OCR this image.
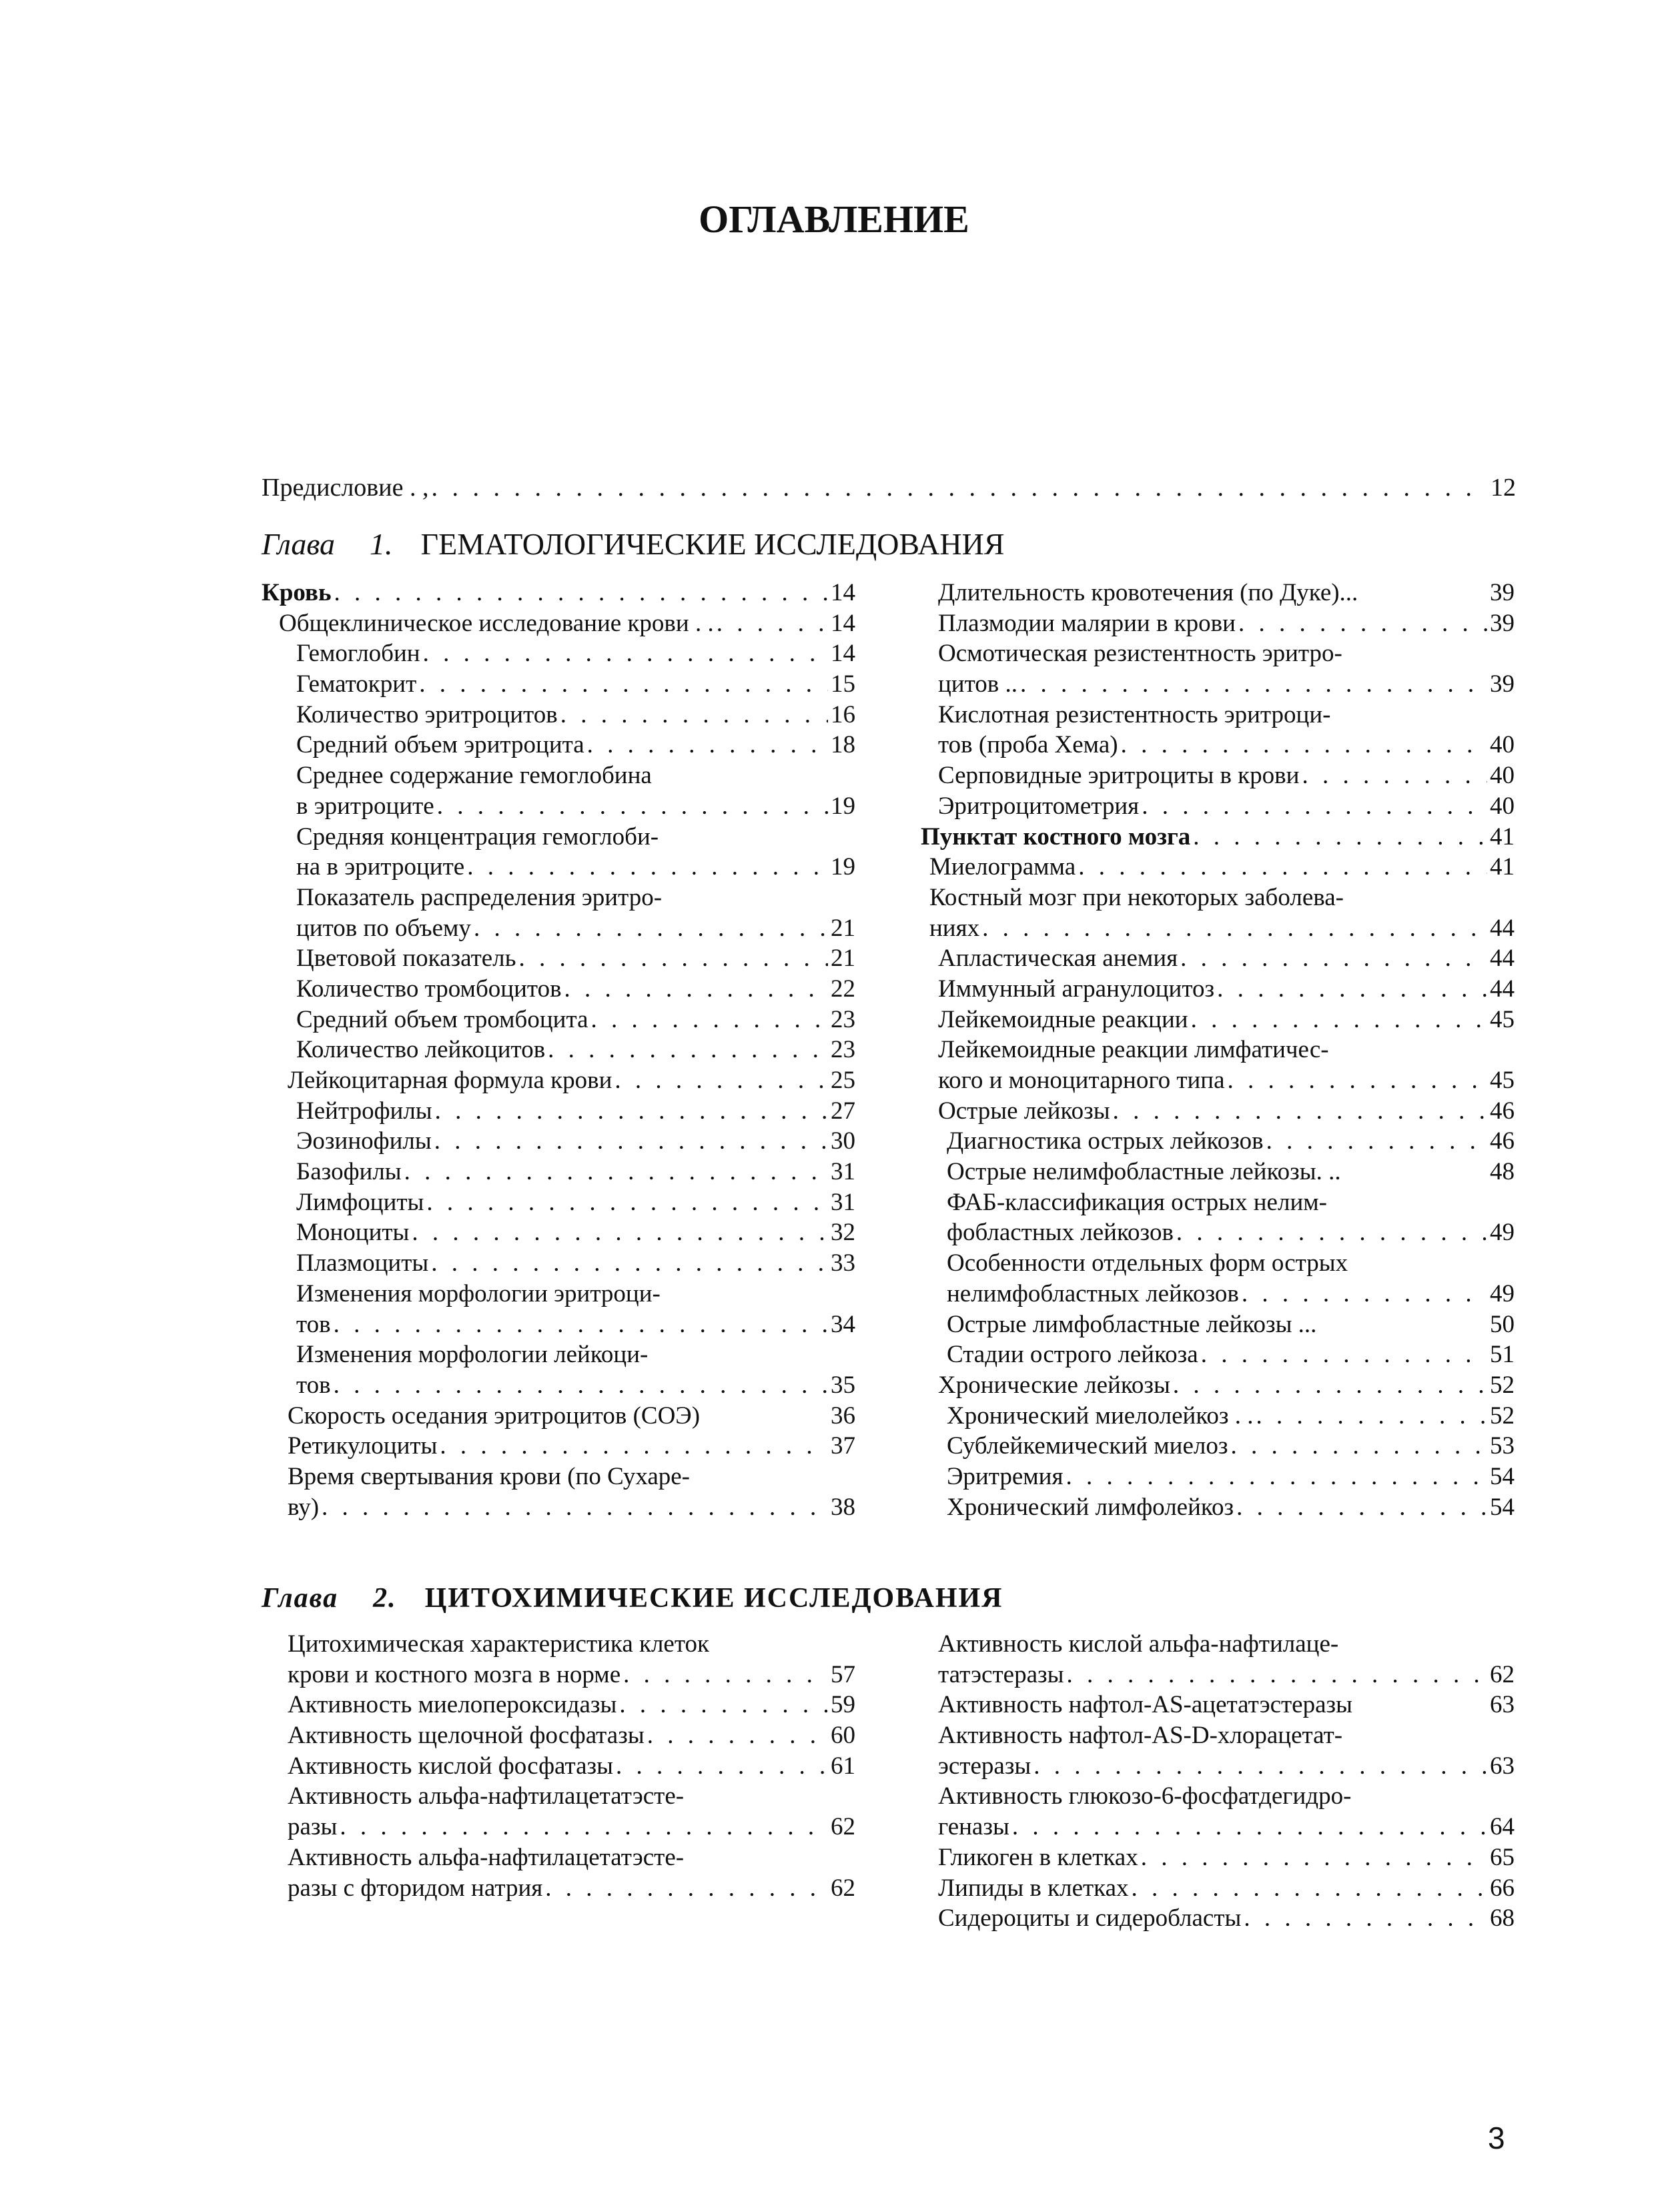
ОГЛАВЛЕНИЕ
Предисловие . , . . .	12
Глава 1. ГЕМАТОЛОГИЧЕСКИЕ ИССЛЕДОВАНИЯ
Кровь . . .	14
Общеклиническое исследование крови . . . . .	14
Гемоглобин . . .	14
Гематокрит . . .	15
Количество эритроцитов . . .	16
Средний объем эритроцита . . .	18
Среднее содержание гемоглобина
в эритроците . . .	19
Средняя концентрация гемоглоби-
на в эритроците . . .	19
Показатель распределения эритро-
цитов по объему . . .	21
Цветовой показатель . . .	21
Количество тромбоцитов . . .	22
Средний объем тромбоцита . . .	23
Количество лейкоцитов . . .	23
Лейкоцитарная формула крови . . .	25
Нейтрофилы . . .	27
Эозинофилы . . .	30
Базофилы . . .	31
Лимфоциты . . .	31
Моноциты . . .	32
Плазмоциты . . .	33
Изменения морфологии эритроци-
тов . . .	34
Изменения морфологии лейкоци-
тов . . .	35
Скорость оседания эритроцитов (СОЭ)	36
Ретикулоциты . . .	37
Время свертывания крови (по Сухаре-
ву) . . .	38
Длительность кровотечения (по Дуке)...	39
Плазмодии малярии в крови . . .	39
Осмотическая резистентность эритро-
цитов .. . . .	39
Кислотная резистентность эритроци-
тов (проба Хема) . . .	40
Серповидные эритроциты в крови . . .	40
Эритроцитометрия . . .	40
Пунктат костного мозга . . .	41
Миелограмма . . .	41
Костный мозг при некоторых заболева-
ниях . . .	44
Апластическая анемия . . .	44
Иммунный агранулоцитоз . . .	44
Лейкемоидные реакции . . .	45
Лейкемоидные реакции лимфатичес-
кого и моноцитарного типа . . .	45
Острые лейкозы . . .	46
Диагностика острых лейкозов . . .	46
Острые нелимфобластные лейкозы. ..	48
ФАБ-классификация острых нелим-
фобластных лейкозов . . .	49
Особенности отдельных форм острых
нелимфобластных лейкозов . . .	49
Острые лимфобластные лейкозы ...	50
Стадии острого лейкоза . . .	51
Хронические лейкозы . . .	52
Хронический миелолейкоз . . . . .	52
Сублейкемический миелоз . . .	53
Эритремия . . .	54
Хронический лимфолейкоз . . .	54
Глава 2. ЦИТОХИМИЧЕСКИЕ ИССЛЕДОВАНИЯ
Цитохимическая характеристика клеток
крови и костного мозга в норме . . .	57
Активность миелопероксидазы . . .	59
Активность щелочной фосфатазы . . .	60
Активность кислой фосфатазы . . .	61
Активность альфа-нафтилацетатэсте-
разы . . .	62
Активность альфа-нафтилацетатэсте-
разы с фторидом натрия . . .	62
Активность кислой альфа-нафтилаце-
татэстеразы . . .	62
Активность нафтол-AS-ацетатэстеразы	63
Активность нафтол-AS-D-хлорацетат-
эстеразы . . .	63
Активность глюкозо-6-фосфатдегидро-
геназы . . .	64
Гликоген в клетках . . .	65
Липиды в клетках . . .	66
Сидероциты и сидеробласты . . .	68
3
